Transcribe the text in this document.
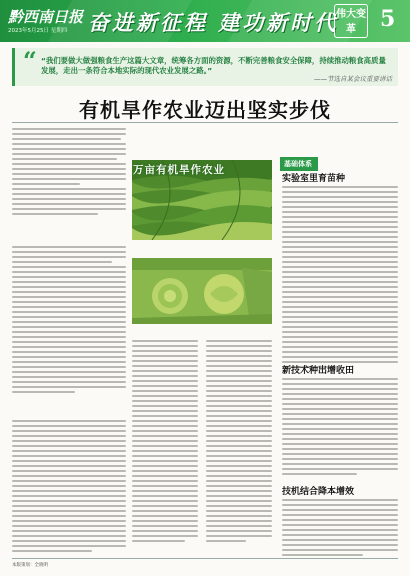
黔西南日报
2023年5月25日 星期四 奋进新征程 建功新时代
伟大变革	5
“ “我们要做大做强粮食生产这篇大文章，统筹各方面的资源，不断完善粮食安全保障，持续推动粮食高质量发展，走出一条符合本地实际的现代农业发展之路。”
——节选自某会议重要讲话
有机旱作农业迈出坚实步伐
万亩有机旱作农业	基础体系
实验室里育苗种
新技术种出增收田
技机结合降本增效
本版策划：全晓明
